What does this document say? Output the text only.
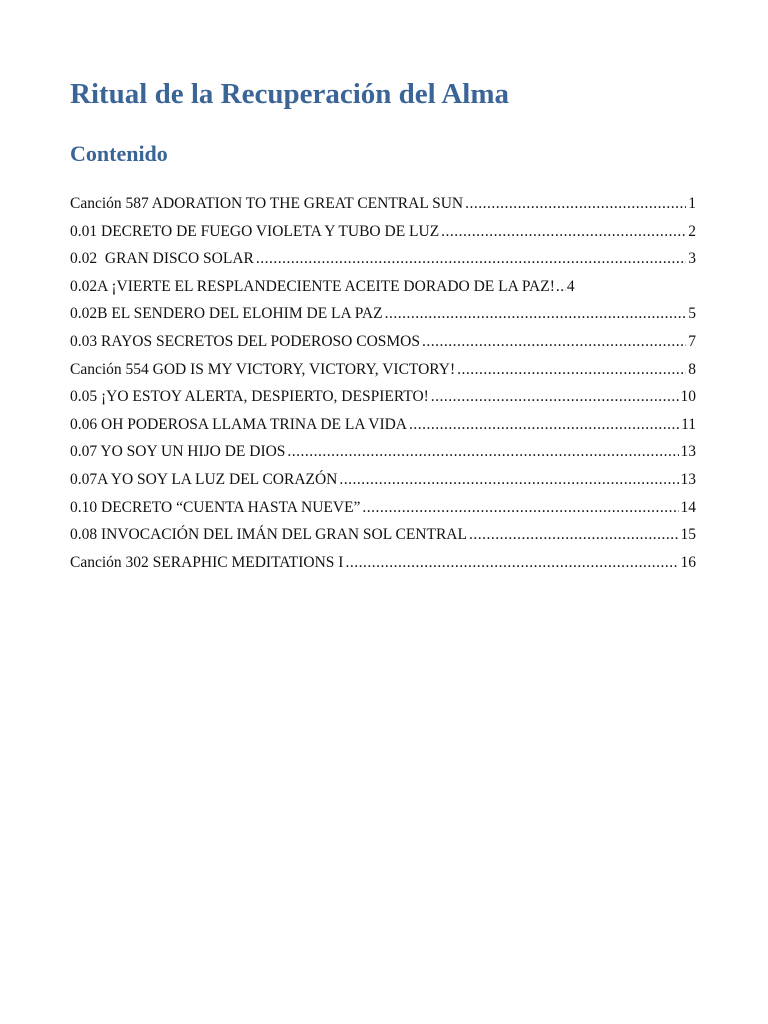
Ritual de la Recuperación del Alma
Contenido
Canción 587 ADORATION TO THE GREAT CENTRAL SUN .....	1
0.01 DECRETO DE FUEGO VIOLETA Y TUBO DE LUZ .....	2
0.02  GRAN DISCO SOLAR .....	3
0.02A ¡VIERTE EL RESPLANDECIENTE ACEITE DORADO DE LA PAZ! ..... 4
0.02B EL SENDERO DEL ELOHIM DE LA PAZ .....	5
0.03 RAYOS SECRETOS DEL PODEROSO COSMOS .....	7
Canción 554 GOD IS MY VICTORY, VICTORY, VICTORY! .....	8
0.05 ¡YO ESTOY ALERTA, DESPIERTO, DESPIERTO! .....	10
0.06 OH PODEROSA LLAMA TRINA DE LA VIDA .....	11
0.07 YO SOY UN HIJO DE DIOS .....	13
0.07A YO SOY LA LUZ DEL CORAZÓN .....	13
0.10 DECRETO “CUENTA HASTA NUEVE” .....	14
0.08 INVOCACIÓN DEL IMÁN DEL GRAN SOL CENTRAL .....	15
Canción 302 SERAPHIC MEDITATIONS I .....	16
